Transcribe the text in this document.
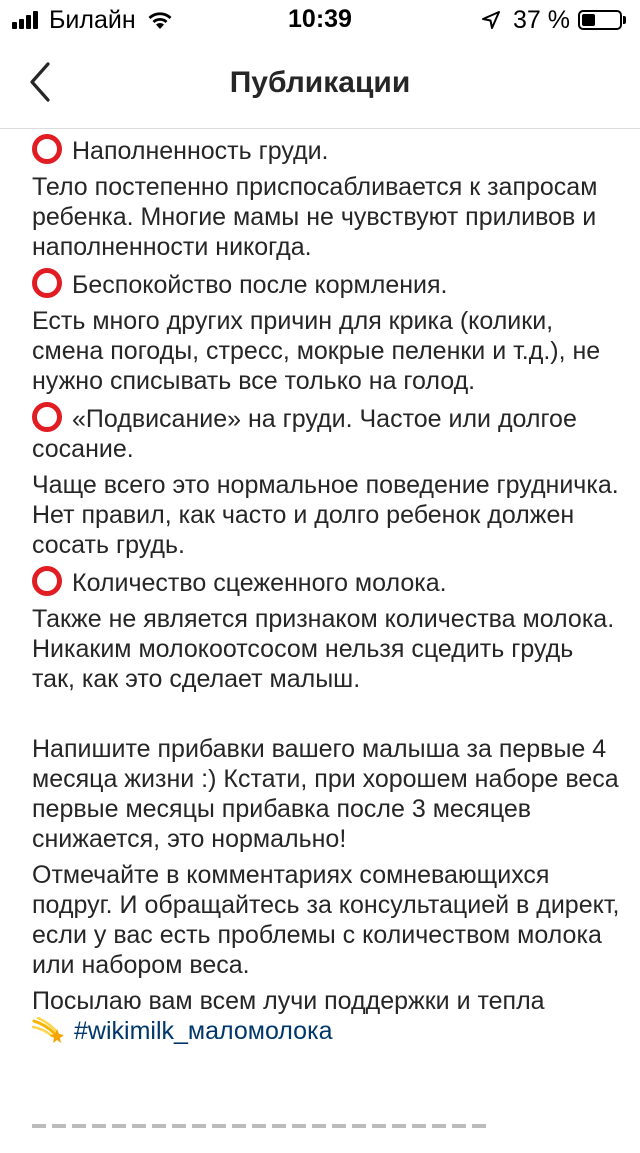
Билайн	10:39	37 %
Публикации
Наполненность груди.
Тело постепенно приспосабливается к запросам ребенка. Многие мамы не чувствуют приливов и наполненности никогда.
Беспокойство после кормления.
Есть много других причин для крика (колики, смена погоды, стресс, мокрые пеленки и т.д.), не нужно списывать все только на голод.
«Подвисание» на груди. Частое или долгое сосание.
Чаще всего это нормальное поведение грудничка. Нет правил, как часто и долго ребенок должен сосать грудь.
Количество сцеженного молока.
Также не является признаком количества молока. Никаким молокоотсосом нельзя сцедить грудь так, как это сделает малыш.
Напишите прибавки вашего малыша за первые 4 месяца жизни :) Кстати, при хорошем наборе веса первые месяцы прибавка после 3 месяцев снижается, это нормально!
Отмечайте в комментариях сомневающихся подруг. И обращайтесь за консультацией в директ, если у вас есть проблемы с количеством молока или набором веса.
Посылаю вам всем лучи поддержки и тепла
#wikimilk_маломолока
